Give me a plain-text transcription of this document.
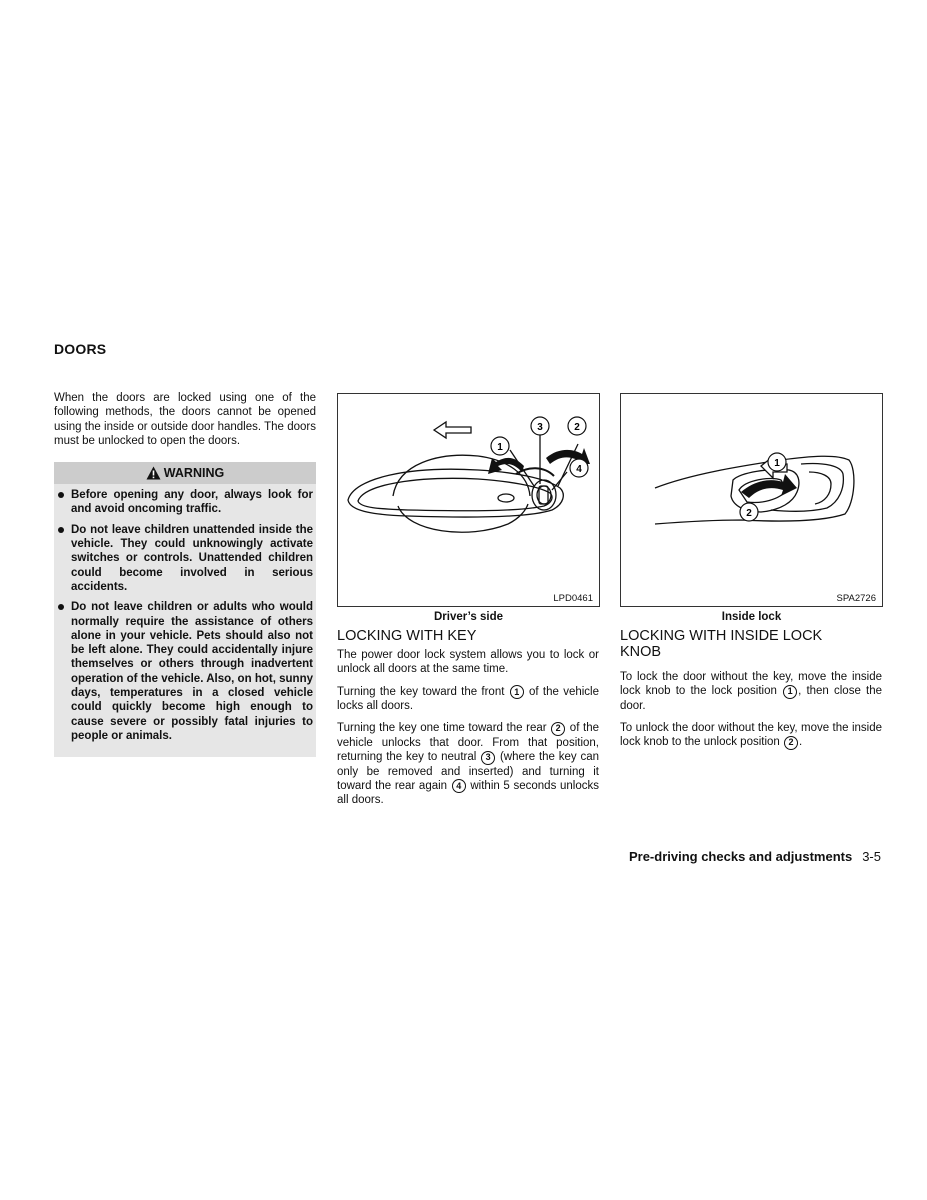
DOORS

When the doors are locked using one of the following methods, the doors cannot be opened using the inside or outside door handles. The doors must be unlocked to open the doors.

WARNING
Before opening any door, always look for and avoid oncoming traffic.
Do not leave children unattended inside the vehicle. They could unknowingly activate switches or controls. Unattended children could become involved in serious accidents.
Do not leave children or adults who would normally require the assistance of others alone in your vehicle. Pets should also not be left alone. They could accidentally injure themselves or others through inadvertent operation of the vehicle. Also, on hot, sunny days, temperatures in a closed vehicle could quickly become high enough to cause severe or possibly fatal injuries to people or animals.
1
3	2
4
LPD0461
Driver’s side
1
2
SPA2726
Inside lock
LOCKING WITH KEY

The power door lock system allows you to lock or unlock all doors at the same time.

Turning the key toward the front 1 of the vehicle locks all doors.

Turning the key one time toward the rear 2 of the vehicle unlocks that door. From that position, returning the key to neutral 3 (where the key can only be removed and inserted) and turning it toward the rear again 4 within 5 seconds unlocks all doors.

LOCKING WITH INSIDE LOCK
KNOB

To lock the door without the key, move the inside lock knob to the lock position 1 , then close the door.

To unlock the door without the key, move the inside lock knob to the unlock position 2 .

Pre-driving checks and adjustments 3-5
